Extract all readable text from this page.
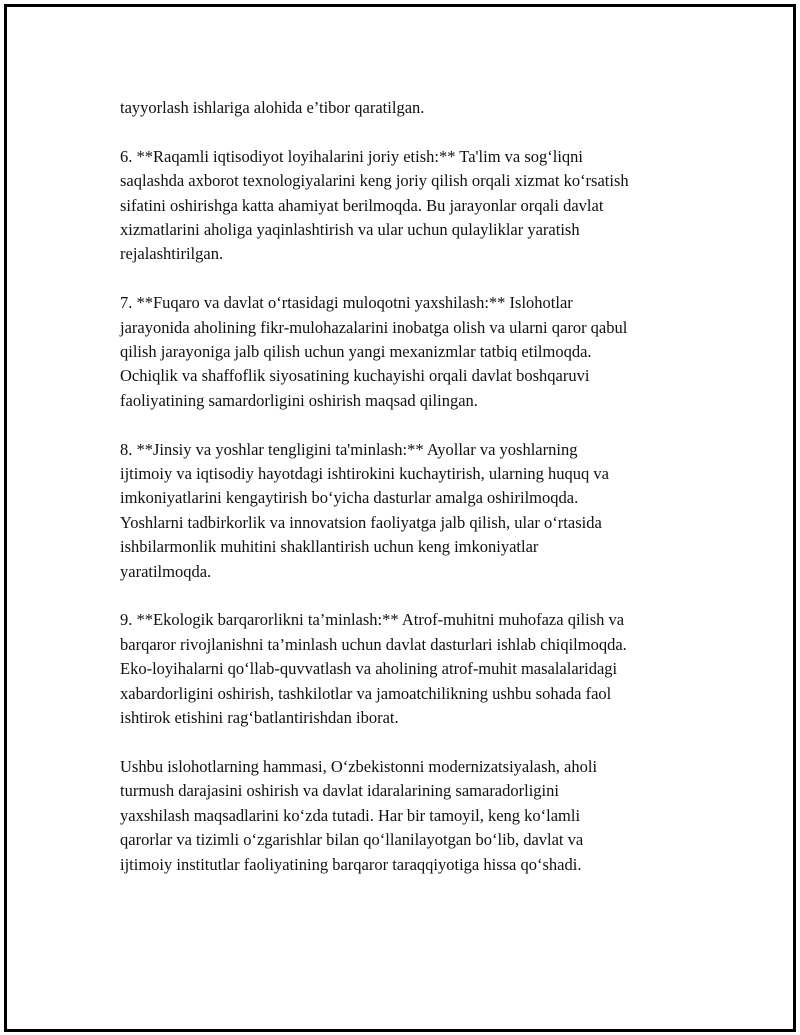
tayyorlash ishlariga alohida e’tibor qaratilgan.

6. **Raqamli iqtisodiyot loyihalarini joriy etish:** Ta'lim va sog‘liqni
saqlashda axborot texnologiyalarini keng joriy qilish orqali xizmat ko‘rsatish
sifatini oshirishga katta ahamiyat berilmoqda. Bu jarayonlar orqali davlat
xizmatlarini aholiga yaqinlashtirish va ular uchun qulayliklar yaratish
rejalashtirilgan.

7. **Fuqaro va davlat o‘rtasidagi muloqotni yaxshilash:** Islohotlar
jarayonida aholining fikr-mulohazalarini inobatga olish va ularni qaror qabul
qilish jarayoniga jalb qilish uchun yangi mexanizmlar tatbiq etilmoqda.
Ochiqlik va shaffoflik siyosatining kuchayishi orqali davlat boshqaruvi
faoliyatining samardorligini oshirish maqsad qilingan.

8. **Jinsiy va yoshlar tengligini ta'minlash:** Ayollar va yoshlarning
ijtimoiy va iqtisodiy hayotdagi ishtirokini kuchaytirish, ularning huquq va
imkoniyatlarini kengaytirish bo‘yicha dasturlar amalga oshirilmoqda.
Yoshlarni tadbirkorlik va innovatsion faoliyatga jalb qilish, ular o‘rtasida
ishbilarmonlik muhitini shakllantirish uchun keng imkoniyatlar
yaratilmoqda.

9. **Ekologik barqarorlikni ta’minlash:** Atrof-muhitni muhofaza qilish va
barqaror rivojlanishni ta’minlash uchun davlat dasturlari ishlab chiqilmoqda.
Eko-loyihalarni qo‘llab-quvvatlash va aholining atrof-muhit masalalaridagi
xabardorligini oshirish, tashkilotlar va jamoatchilikning ushbu sohada faol
ishtirok etishini rag‘batlantirishdan iborat.

Ushbu islohotlarning hammasi, O‘zbekistonni modernizatsiyalash, aholi
turmush darajasini oshirish va davlat idaralarining samaradorligini
yaxshilash maqsadlarini ko‘zda tutadi. Har bir tamoyil, keng ko‘lamli
qarorlar va tizimli o‘zgarishlar bilan qo‘llanilayotgan bo‘lib, davlat va
ijtimoiy institutlar faoliyatining barqaror taraqqiyotiga hissa qo‘shadi.
